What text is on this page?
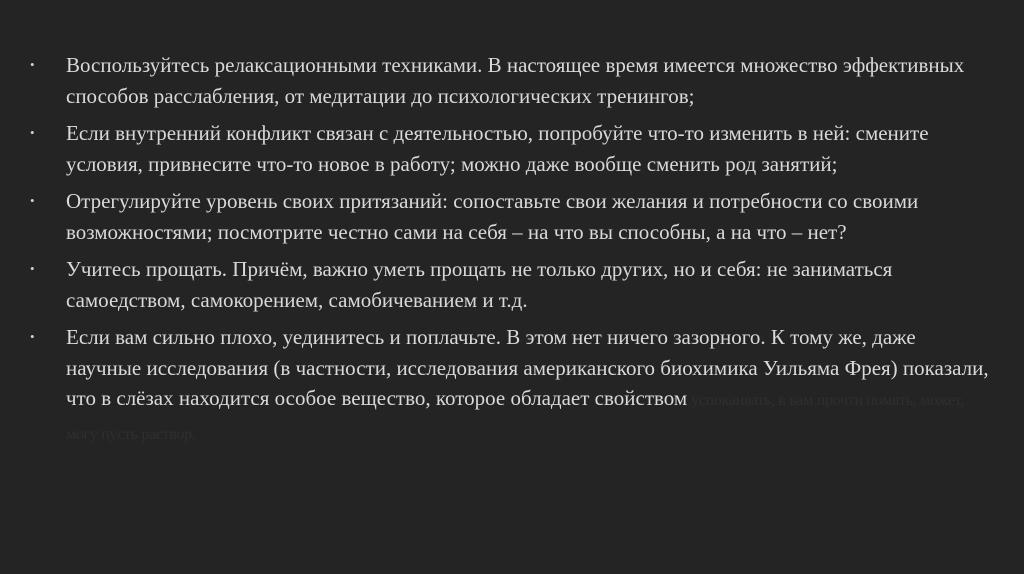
•	Воспользуйтесь релаксационными техниками. В настоящее время имеется множество эффективных способов расслабления, от медитации до психологических тренингов;
•	Если внутренний конфликт связан с деятельностью, попробуйте что-то изменить в ней: смените условия, привнесите что-то новое в работу; можно даже вообще сменить род занятий;
•	Отрегулируйте уровень своих притязаний: сопоставьте свои желания и потребности со своими возможностями; посмотрите честно сами на себя – на что вы способны, а на что – нет?
•	Учитесь прощать. Причём, важно уметь прощать не только других, но и себя: не заниматься самоедством, самокорением, самобичеванием и т.д.
•	Если вам сильно плохо, уединитесь и поплачьте. В этом нет ничего зазорного. К тому же, даже научные исследования (в частности, исследования американского биохимика Уильяма Фрея) показали, что в слёзах находится особое вещество, которое обладает свойством успокаивать, в вам прочти помять, может, могу пусть раствор.
